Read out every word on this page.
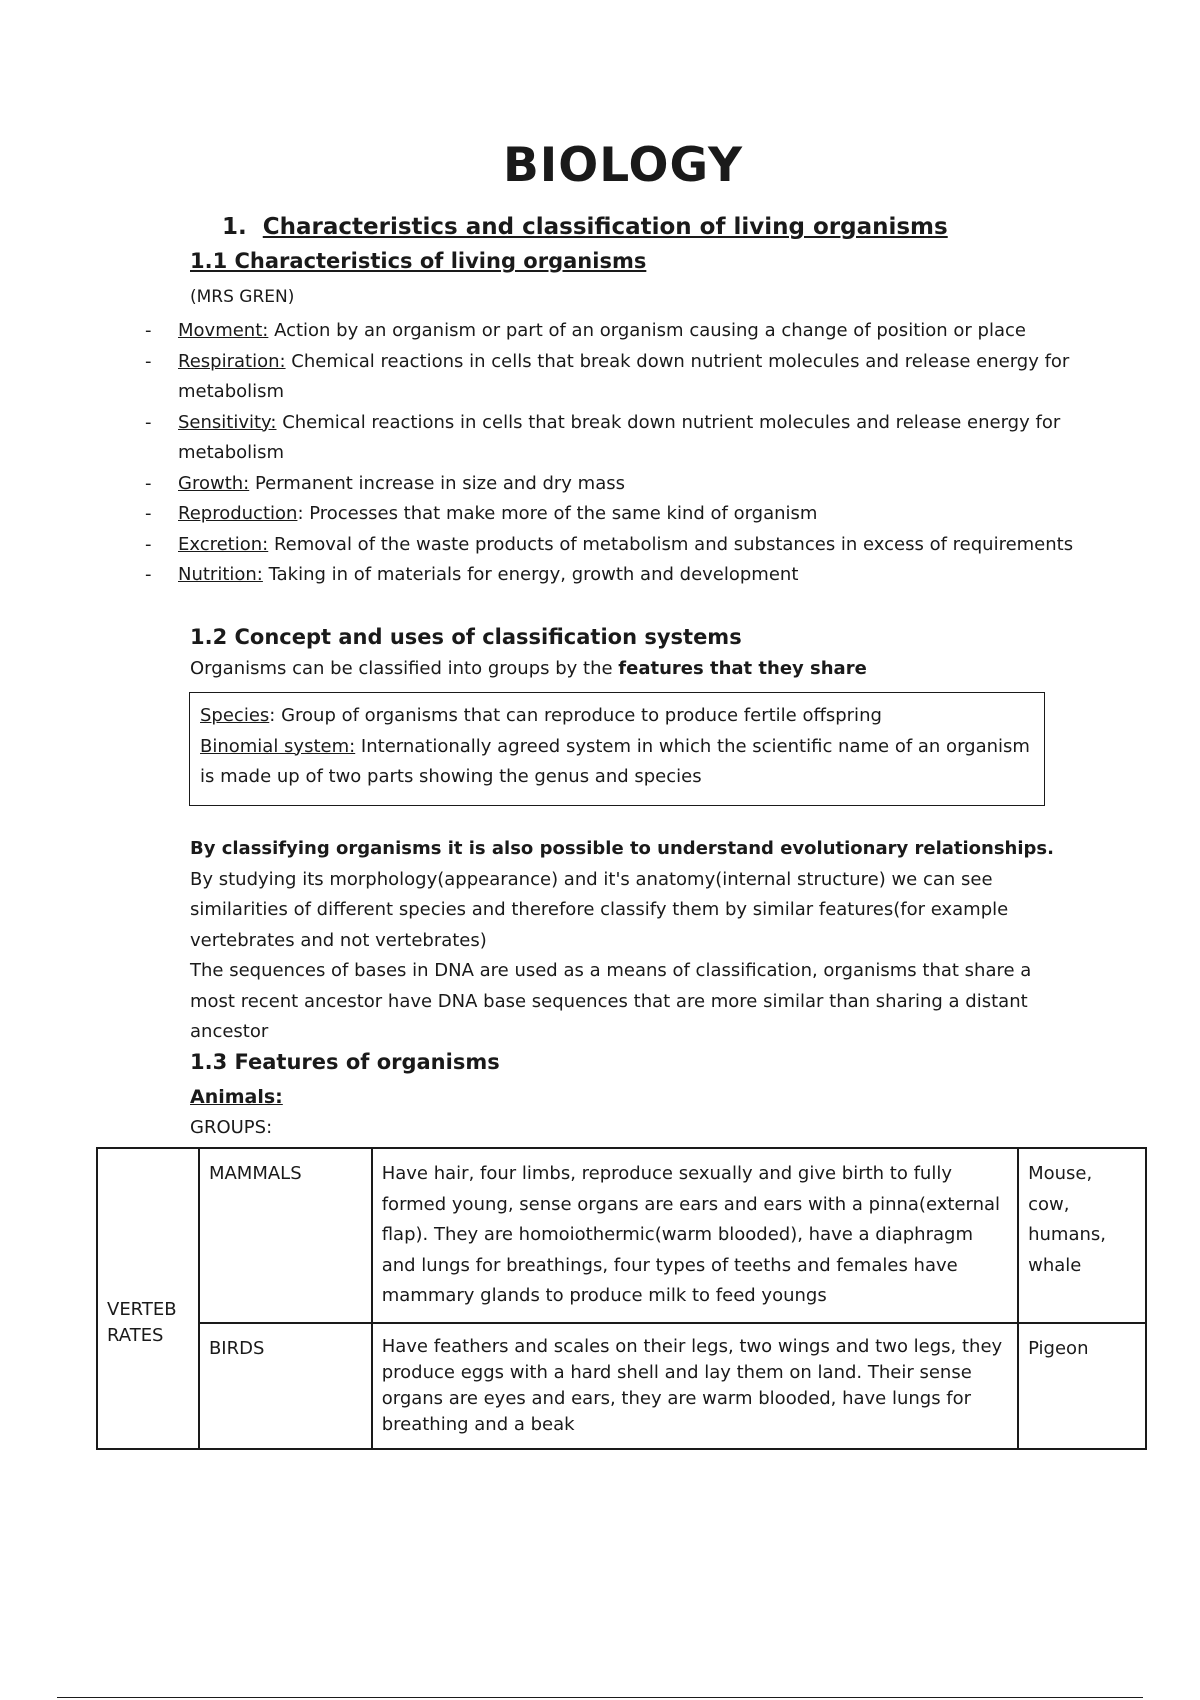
BIOLOGY
1. Characteristics and classification of living organisms
1.1 Characteristics of living organisms
(MRS GREN)
- Movment: Action by an organism or part of an organism causing a change of position or place
- Respiration: Chemical reactions in cells that break down nutrient molecules and release energy for metabolism
- Sensitivity: Chemical reactions in cells that break down nutrient molecules and release energy for metabolism
- Growth: Permanent increase in size and dry mass
- Reproduction: Processes that make more of the same kind of organism
- Excretion: Removal of the waste products of metabolism and substances in excess of requirements
- Nutrition: Taking in of materials for energy, growth and development
1.2 Concept and uses of classification systems
Organisms can be classified into groups by the features that they share
Species: Group of organisms that can reproduce to produce fertile offspring
Binomial system: Internationally agreed system in which the scientific name of an organism is made up of two parts showing the genus and species

By classifying organisms it is also possible to understand evolutionary relationships. By studying its morphology(appearance) and it's anatomy(internal structure) we can see similarities of different species and therefore classify them by similar features(for example vertebrates and not vertebrates)

The sequences of bases in DNA are used as a means of classification, organisms that share a most recent ancestor have DNA base sequences that are more similar than sharing a distant ancestor

1.3 Features of organisms
Animals:
GROUPS:
VERTEB RATES	MAMMALS	Have hair, four limbs, reproduce sexually and give birth to fully formed young, sense organs are ears and ears with a pinna(external flap). They are homoiothermic(warm blooded), have a diaphragm and lungs for breathings, four types of teeths and females have mammary glands to produce milk to feed youngs	Mouse, cow, humans, whale
	BIRDS	Have feathers and scales on their legs, two wings and two legs, they produce eggs with a hard shell and lay them on land. Their sense organs are eyes and ears, they are warm blooded, have lungs for breathing and a beak	Pigeon
